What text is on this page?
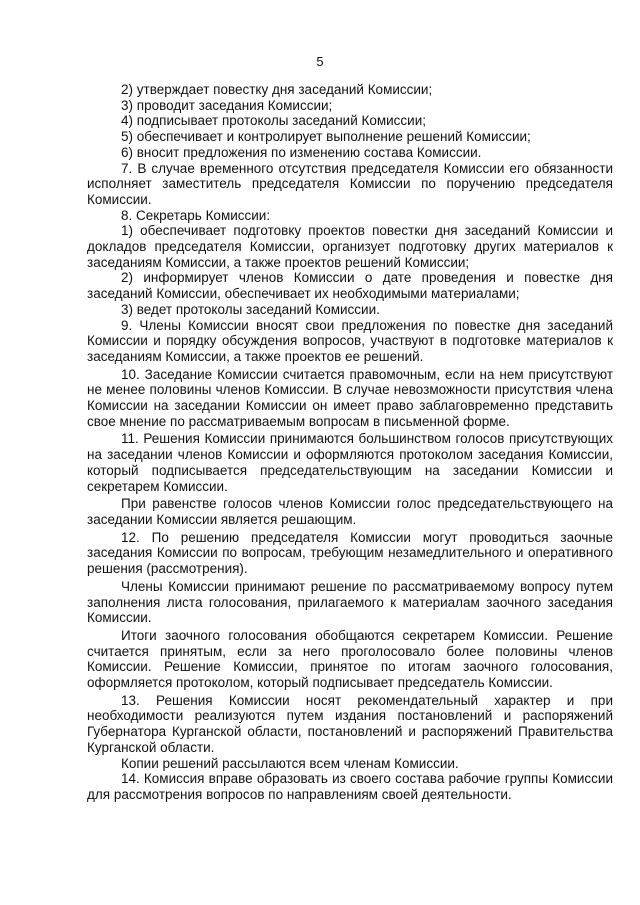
5

2) утверждает повестку дня заседаний Комиссии;

3) проводит заседания Комиссии;

4) подписывает протоколы заседаний Комиссии;

5) обеспечивает и контролирует выполнение решений Комиссии;

6) вносит предложения по изменению состава Комиссии.

7. В случае временного отсутствия председателя Комиссии его обязанности исполняет заместитель председателя Комиссии по поручению председателя Комиссии.

8. Секретарь Комиссии:

1) обеспечивает подготовку проектов повестки дня заседаний Комиссии и докладов председателя Комиссии, организует подготовку других материалов к заседаниям Комиссии, а также проектов решений Комиссии;

2) информирует членов Комиссии о дате проведения и повестке дня заседаний Комиссии, обеспечивает их необходимыми материалами;

3) ведет протоколы заседаний Комиссии.

9. Члены Комиссии вносят свои предложения по повестке дня заседаний Комиссии и порядку обсуждения вопросов, участвуют в подготовке материалов к заседаниям Комиссии, а также проектов ее решений.

10. Заседание Комиссии считается правомочным, если на нем присутствуют не менее половины членов Комиссии. В случае невозможности присутствия члена Комиссии на заседании Комиссии он имеет право заблаговременно представить свое мнение по рассматриваемым вопросам в письменной форме.

11. Решения Комиссии принимаются большинством голосов присутствующих на заседании членов Комиссии и оформляются протоколом заседания Комиссии, который подписывается председательствующим на заседании Комиссии и секретарем Комиссии.

При равенстве голосов членов Комиссии голос председательствующего на заседании Комиссии является решающим.

12. По решению председателя Комиссии могут проводиться заочные заседания Комиссии по вопросам, требующим незамедлительного и оперативного решения (рассмотрения).

Члены Комиссии принимают решение по рассматриваемому вопросу путем заполнения листа голосования, прилагаемого к материалам заочного заседания Комиссии.

Итоги заочного голосования обобщаются секретарем Комиссии. Решение считается принятым, если за него проголосовало более половины членов Комиссии. Решение Комиссии, принятое по итогам заочного голосования, оформляется протоколом, который подписывает председатель Комиссии.

13. Решения Комиссии носят рекомендательный характер и при необходимости реализуются путем издания постановлений и распоряжений Губернатора Курганской области, постановлений и распоряжений Правительства Курганской области.

Копии решений рассылаются всем членам Комиссии.

14. Комиссия вправе образовать из своего состава рабочие группы Комиссии для рассмотрения вопросов по направлениям своей деятельности.
